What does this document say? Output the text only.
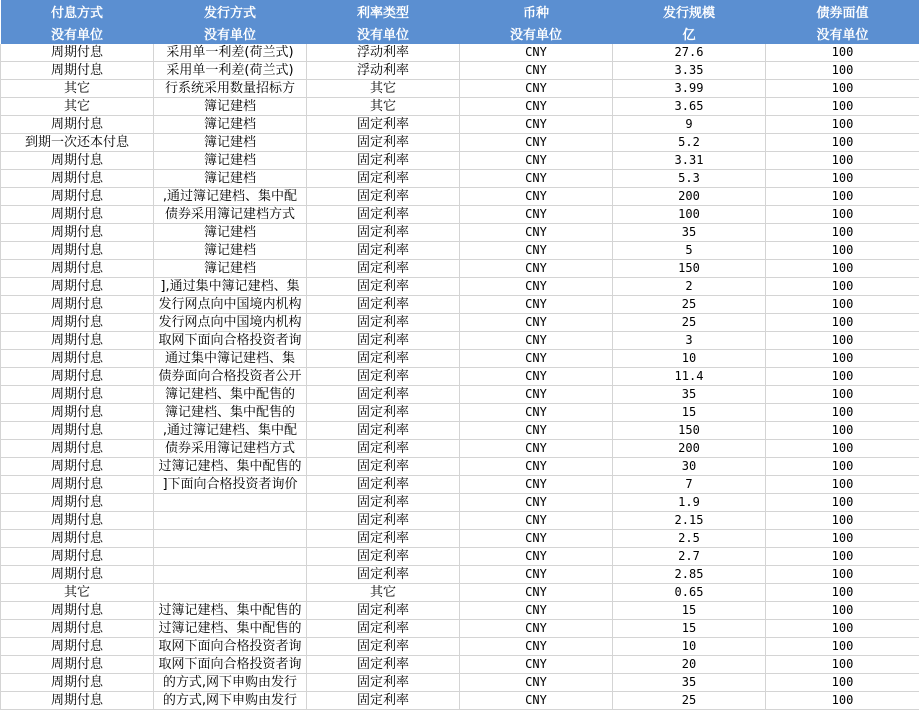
付息方式	发行方式	利率类型	币种	发行规模	债券面值
没有单位	没有单位	没有单位	没有单位	亿	没有单位
周期付息	采用单一利差(荷兰式)	浮动利率	CNY	27.6	100
周期付息	采用单一利差(荷兰式)	浮动利率	CNY	3.35	100
其它	行系统采用数量招标方	其它	CNY	3.99	100
其它	簿记建档	其它	CNY	3.65	100
周期付息	簿记建档	固定利率	CNY	9	100
到期一次还本付息	簿记建档	固定利率	CNY	5.2	100
周期付息	簿记建档	固定利率	CNY	3.31	100
周期付息	簿记建档	固定利率	CNY	5.3	100
周期付息	,通过簿记建档、集中配	固定利率	CNY	200	100
周期付息	债券采用簿记建档方式	固定利率	CNY	100	100
周期付息	簿记建档	固定利率	CNY	35	100
周期付息	簿记建档	固定利率	CNY	5	100
周期付息	簿记建档	固定利率	CNY	150	100
周期付息	],通过集中簿记建档、集	固定利率	CNY	2	100
周期付息	发行网点向中国境内机构	固定利率	CNY	25	100
周期付息	发行网点向中国境内机构	固定利率	CNY	25	100
周期付息	取网下面向合格投资者询	固定利率	CNY	3	100
周期付息	通过集中簿记建档、集	固定利率	CNY	10	100
周期付息	债券面向合格投资者公开	固定利率	CNY	11.4	100
周期付息	簿记建档、集中配售的	固定利率	CNY	35	100
周期付息	簿记建档、集中配售的	固定利率	CNY	15	100
周期付息	,通过簿记建档、集中配	固定利率	CNY	150	100
周期付息	债券采用簿记建档方式	固定利率	CNY	200	100
周期付息	过簿记建档、集中配售的	固定利率	CNY	30	100
周期付息	]下面向合格投资者询价	固定利率	CNY	7	100
周期付息		固定利率	CNY	1.9	100
周期付息		固定利率	CNY	2.15	100
周期付息		固定利率	CNY	2.5	100
周期付息		固定利率	CNY	2.7	100
周期付息		固定利率	CNY	2.85	100
其它		其它	CNY	0.65	100
周期付息	过簿记建档、集中配售的	固定利率	CNY	15	100
周期付息	过簿记建档、集中配售的	固定利率	CNY	15	100
周期付息	取网下面向合格投资者询	固定利率	CNY	10	100
周期付息	取网下面向合格投资者询	固定利率	CNY	20	100
周期付息	的方式,网下申购由发行	固定利率	CNY	35	100
周期付息	的方式,网下申购由发行	固定利率	CNY	25	100
